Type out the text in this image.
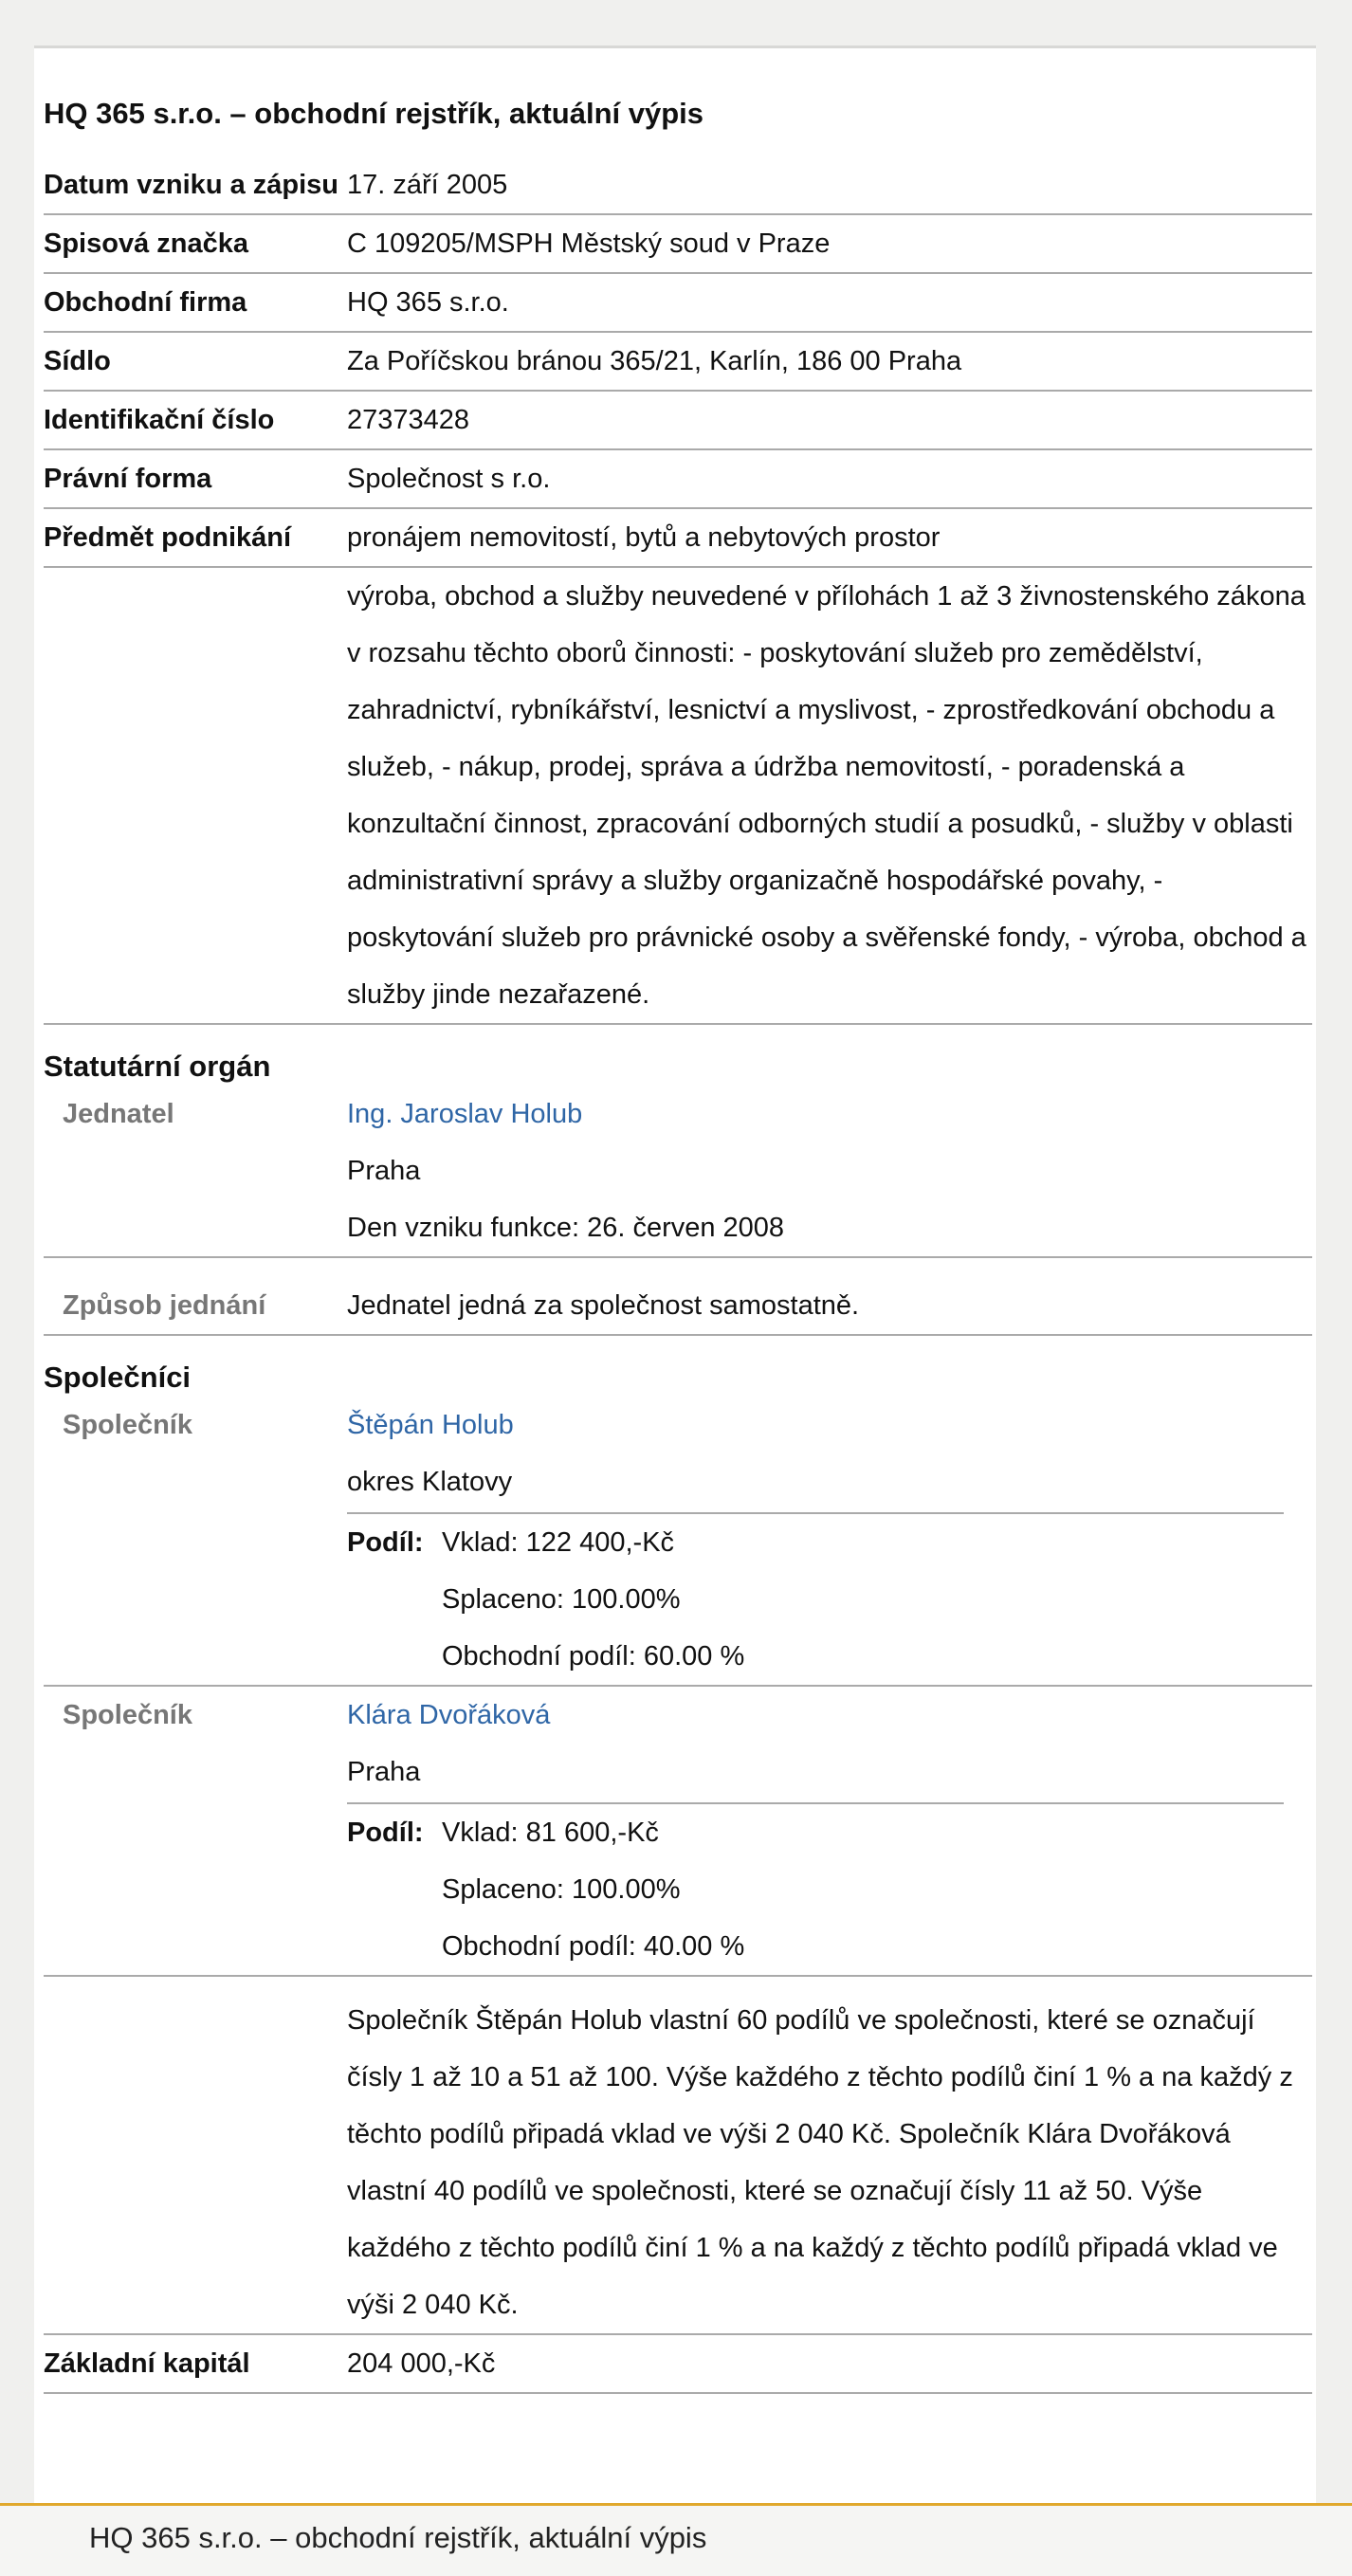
HQ 365 s.r.o. – obchodní rejstřík, aktuální výpis
Datum vzniku a zápisu 17. září 2005
Spisová značka	C 109205/MSPH Městský soud v Praze
Obchodní firma	HQ 365 s.r.o.
Sídlo	Za Poříčskou bránou 365/21, Karlín, 186 00 Praha
Identifikační číslo	27373428
Právní forma	Společnost s r.o.
Předmět podnikání	pronájem nemovitostí, bytů a nebytových prostor
výroba, obchod a služby neuvedené v přílohách 1 až 3 živnostenského zákona v rozsahu těchto oborů činnosti: - poskytování služeb pro zemědělství, zahradnictví, rybníkářství, lesnictví a myslivost, - zprostředkování obchodu a služeb, - nákup, prodej, správa a údržba nemovitostí, - poradenská a konzultační činnost, zpracování odborných studií a posudků, - služby v oblasti administrativní správy a služby organizačně hospodářské povahy, - poskytování služeb pro právnické osoby a svěřenské fondy, - výroba, obchod a služby jinde nezařazené.
Statutární orgán
Jednatel	Ing. Jaroslav Holub
Praha
Den vzniku funkce: 26. červen 2008
Způsob jednání	Jednatel jedná za společnost samostatně.
Společníci
Společník	Štěpán Holub
okres Klatovy
Podíl: Vklad: 122 400,-Kč
Splaceno: 100.00%
Obchodní podíl: 60.00 %
Společník	Klára Dvořáková
Praha
Podíl: Vklad: 81 600,-Kč
Splaceno: 100.00%
Obchodní podíl: 40.00 %
Společník Štěpán Holub vlastní 60 podílů ve společnosti, které se označují čísly 1 až 10 a 51 až 100. Výše každého z těchto podílů činí 1 % a na každý z těchto podílů připadá vklad ve výši 2 040 Kč. Společník Klára Dvořáková vlastní 40 podílů ve společnosti, které se označují čísly 11 až 50. Výše každého z těchto podílů činí 1 % a na každý z těchto podílů připadá vklad ve výši 2 040 Kč.
Základní kapitál	204 000,-Kč
HQ 365 s.r.o. – obchodní rejstřík, aktuální výpis
